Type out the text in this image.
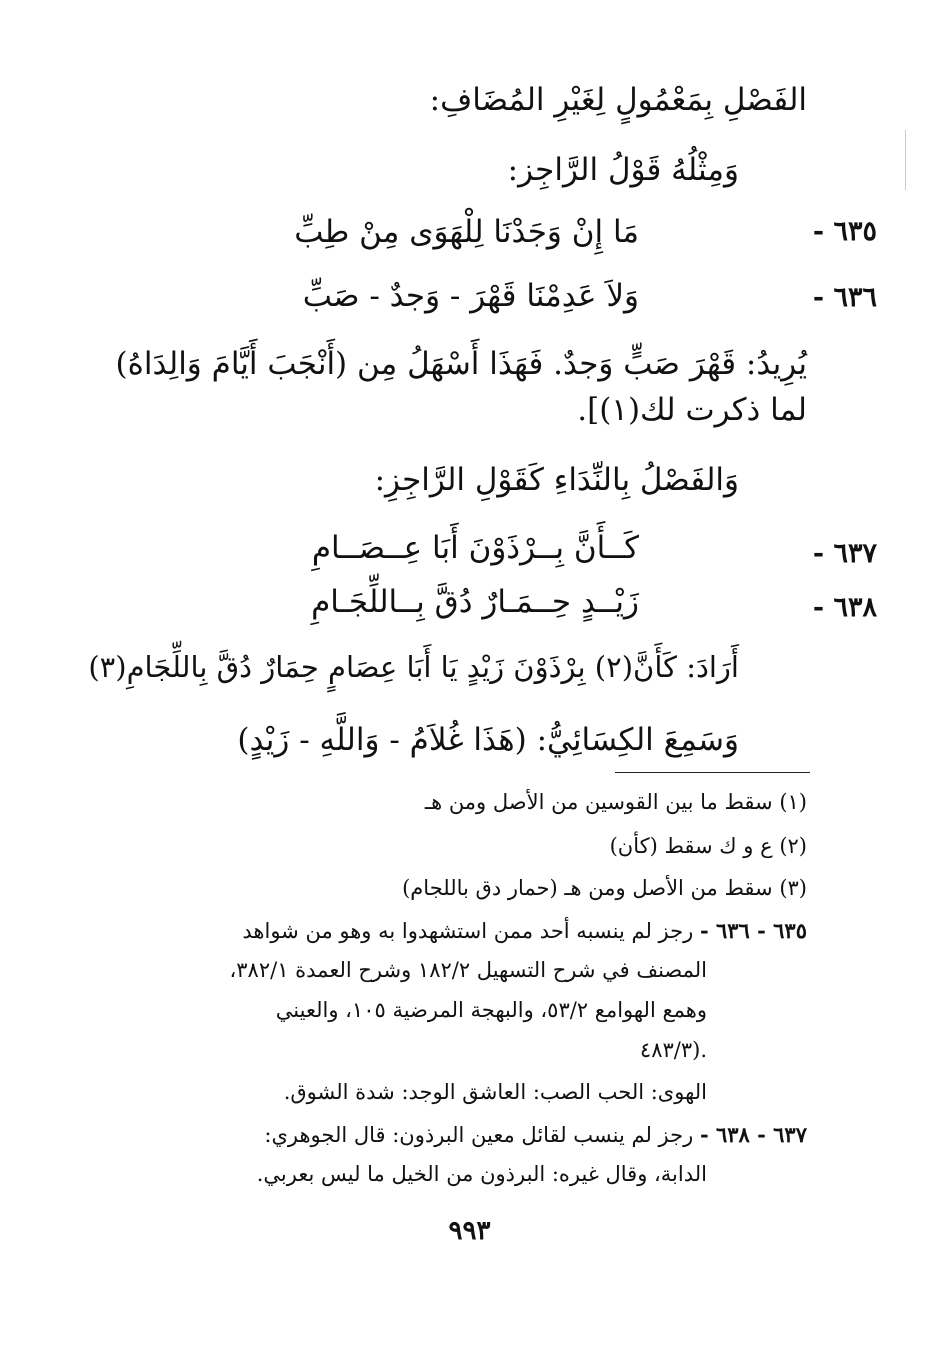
الفَصْلِ بِمَعْمُولٍ لِغَيْرِ المُضَافِ:
وَمِثْلُهُ قَوْلُ الرَّاجِز:
٦٣٥ -
مَا إِنْ وَجَدْنَا لِلْهَوَى مِنْ طِبِّ
٦٣٦ -
وَلاَ عَدِمْنَا قَهْرَ - وَجدٌ - صَبِّ
يُرِيدُ: قَهْرَ صَبٍّ وَجدٌ. فَهَذَا أَسْهَلُ مِن (أَنْجَبَ أَيَّامَ وَالِدَاهُ)
لما ذكرت لك(١)].
وَالفَصْلُ بِالنِّدَاءِ كَقَوْلِ الرَّاجِزِ:
٦٣٧ -
كَــأَنَّ بِــرْذَوْنَ أَبَا عِــصَــامِ
٦٣٨ -
زَيْــدٍ حِــمَـارٌ دُقَّ بِــاللِّجَـامِ
أَرَادَ: كَأَنَّ(٢) بِرْذَوْنَ زَيْدٍ يَا أَبَا عِصَامٍ حِمَارٌ دُقَّ بِاللِّجَامِ(٣)
وَسَمِعَ الكِسَائِيُّ: (هَذَا غُلاَمُ - وَاللَّهِ - زَيْدٍ)
(١) سقط ما بين القوسين من الأصل ومن هـ
(٢) ع و ك سقط (كأن)
(٣) سقط من الأصل ومن هـ (حمار دق باللجام)
٦٣٥ - ٦٣٦ - رجز لم ينسبه أحد ممن استشهدوا به وهو من شواهد
المصنف في شرح التسهيل ١٨٢/٢ وشرح العمدة ٣٨٢/١،
وهمع الهوامع ٥٣/٢، والبهجة المرضية ١٠٥، والعيني
٤٨٣/٣).
الهوى: الحب الصب: العاشق الوجد: شدة الشوق.
٦٣٧ - ٦٣٨ - رجز لم ينسب لقائل معين البرذون: قال الجوهري:
الدابة، وقال غيره: البرذون من الخيل ما ليس بعربي.
٩٩٣
